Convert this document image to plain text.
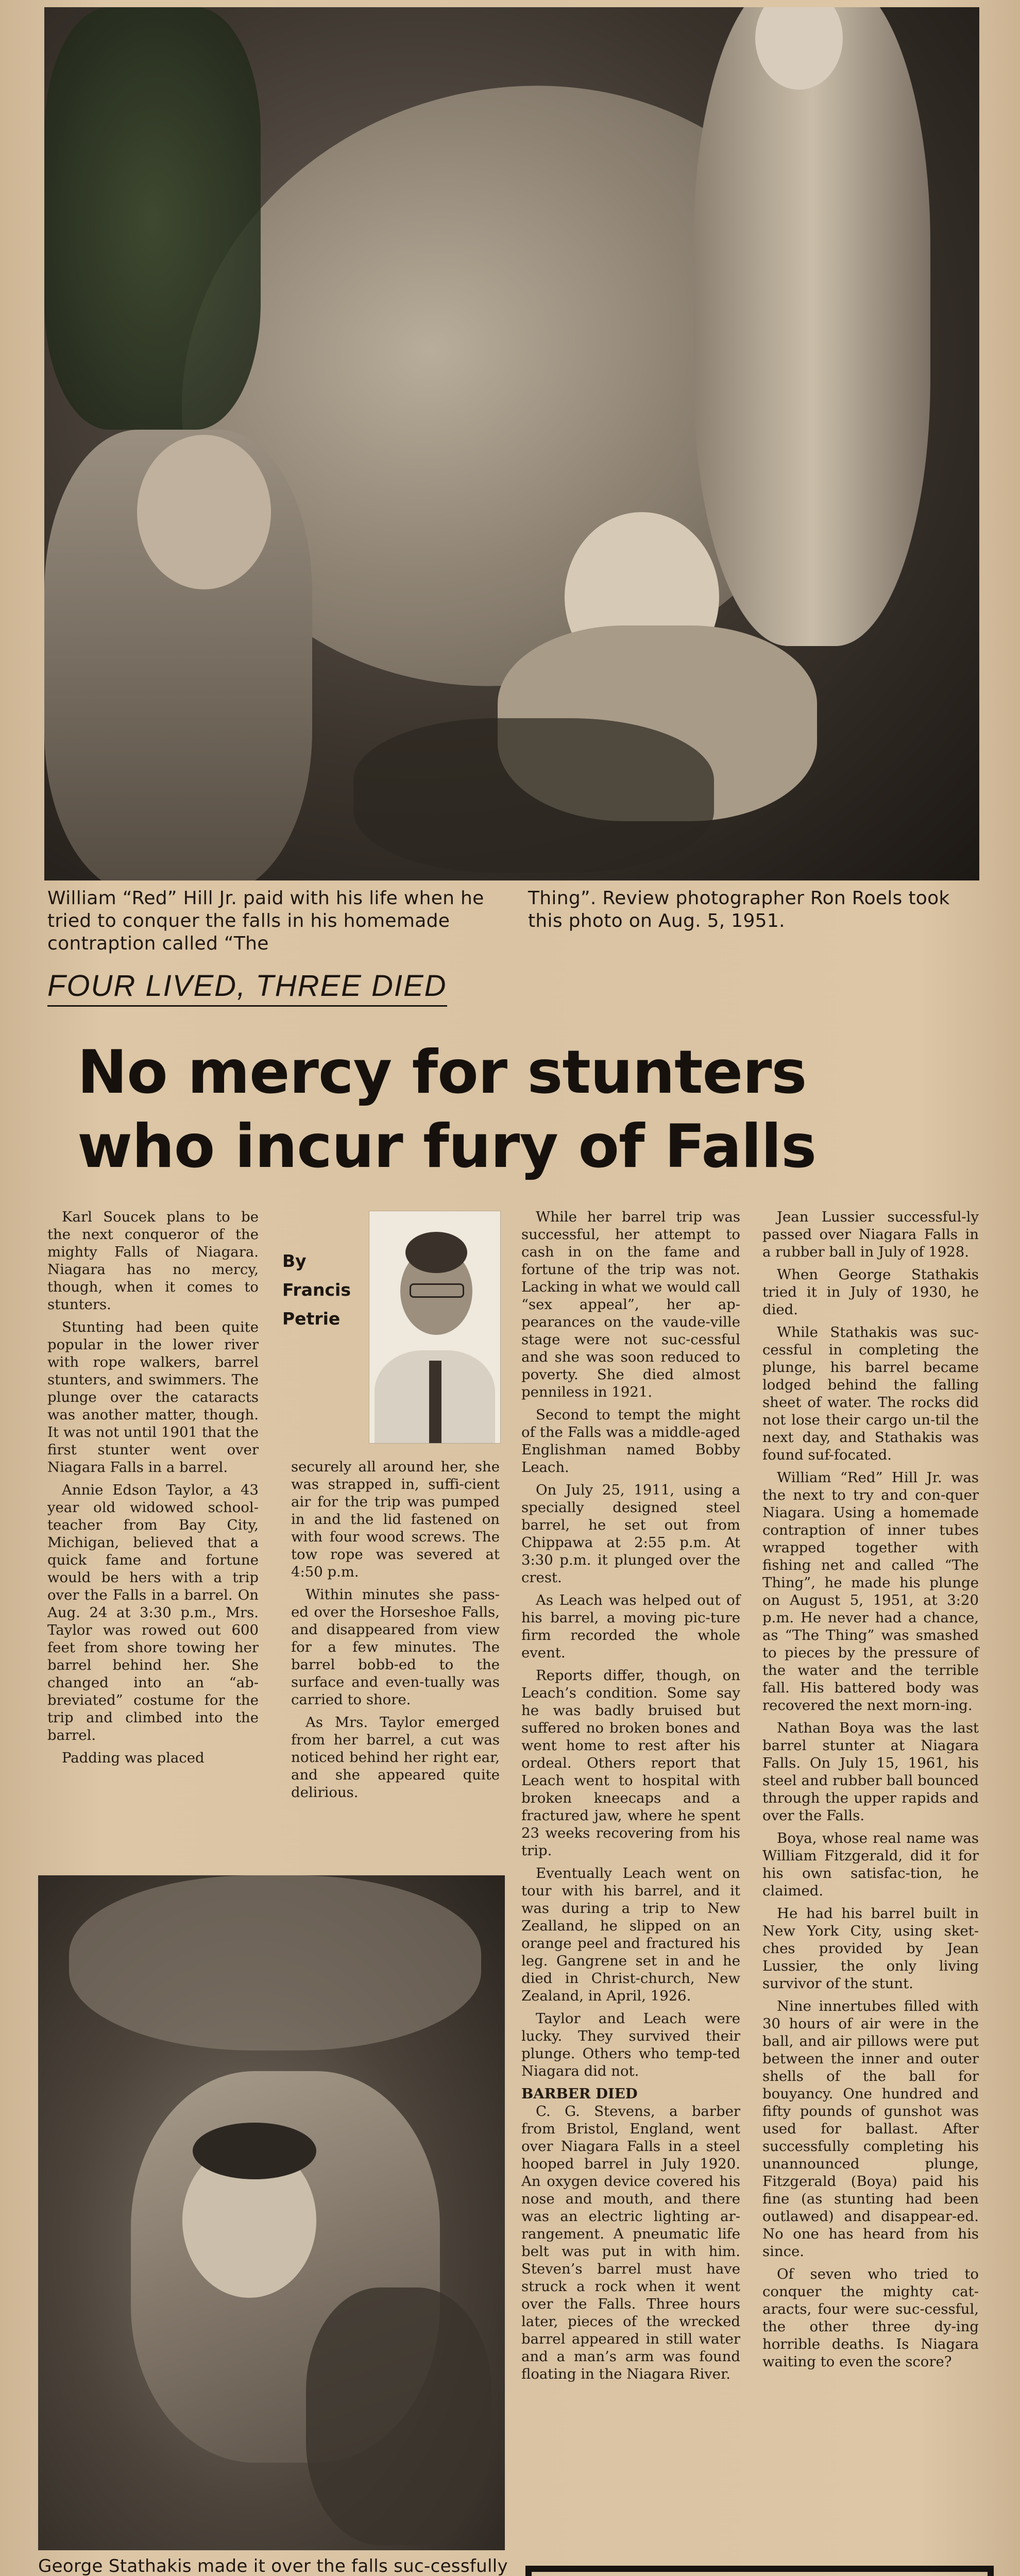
William “Red” Hill Jr. paid with his life when he tried to conquer the falls in his homemade contraption called “The
Thing”. Review photographer Ron Roels took this photo on Aug. 5, 1951.
FOUR LIVED, THREE DIED
No mercy for stunters
who incur fury of Falls

Karl Soucek plans to be the next conqueror of the mighty Falls of Niagara. Niagara has no mercy, though, when it comes to stunters.

Stunting had been quite popular in the lower river with rope walkers, barrel stunters, and swimmers. The plunge over the cataracts was another matter, though. It was not until 1901 that the first stunter went over Niagara Falls in a barrel.

Annie Edson Taylor, a 43 year old widowed school-teacher from Bay City, Michigan, believed that a quick fame and fortune would be hers with a trip over the Falls in a barrel. On Aug. 24 at 3:30 p.m., Mrs. Taylor was rowed out 600 feet from shore towing her barrel behind her. She changed into an “ab-breviated” costume for the trip and climbed into the barrel.

Padding was placed

By
Francis
Petrie

securely all around her, she was strapped in, suffi-cient air for the trip was pumped in and the lid fastened on with four wood screws. The tow rope was severed at 4:50 p.m.

Within minutes she pass-ed over the Horseshoe Falls, and disappeared from view for a few minutes. The barrel bobb-ed to the surface and even-tually was carried to shore.

As Mrs. Taylor emerged from her barrel, a cut was noticed behind her right ear, and she appeared quite delirious.

George Stathakis made it over the falls suc-cessfully

While her barrel trip was successful, her attempt to cash in on the fame and fortune of the trip was not. Lacking in what we would call “sex appeal”, her ap-pearances on the vaude-ville stage were not suc-cessful and she was soon reduced to poverty. She died almost penniless in 1921.

Second to tempt the might of the Falls was a middle-aged Englishman named Bobby Leach.

On July 25, 1911, using a specially designed steel barrel, he set out from Chippawa at 2:55 p.m. At 3:30 p.m. it plunged over the crest.

As Leach was helped out of his barrel, a moving pic-ture firm recorded the whole event.

Reports differ, though, on Leach’s condition. Some say he was badly bruised but suffered no broken bones and went home to rest after his ordeal. Others report that Leach went to hospital with broken kneecaps and a fractured jaw, where he spent 23 weeks recovering from his trip.

Eventually Leach went on tour with his barrel, and it was during a trip to New Zealland, he slipped on an orange peel and fractured his leg. Gangrene set in and he died in Christ-church, New Zealand, in April, 1926.

Taylor and Leach were lucky. They survived their plunge. Others who temp-ted Niagara did not.

BARBER DIED

C. G. Stevens, a barber from Bristol, England, went over Niagara Falls in a steel hooped barrel in July 1920. An oxygen device covered his nose and mouth, and there was an electric lighting ar-rangement. A pneumatic life belt was put in with him. Steven’s barrel must have struck a rock when it went over the Falls. Three hours later, pieces of the wrecked barrel appeared in still water and a man’s arm was found floating in the Niagara River.

Jean Lussier successful-ly passed over Niagara Falls in a rubber ball in July of 1928.

When George Stathakis tried it in July of 1930, he died.

While Stathakis was suc-cessful in completing the plunge, his barrel became lodged behind the falling sheet of water. The rocks did not lose their cargo un-til the next day, and Stathakis was found suf-focated.

William “Red” Hill Jr. was the next to try and con-quer Niagara. Using a homemade contraption of inner tubes wrapped together with fishing net and called “The Thing”, he made his plunge on August 5, 1951, at 3:20 p.m. He never had a chance, as “The Thing” was smashed to pieces by the pressure of the water and the terrible fall. His battered body was recovered the next morn-ing.

Nathan Boya was the last barrel stunter at Niagara Falls. On July 15, 1961, his steel and rubber ball bounced through the upper rapids and over the Falls.

Boya, whose real name was William Fitzgerald, did it for his own satisfac-tion, he claimed.

He had his barrel built in New York City, using sket-ches provided by Jean Lussier, the only living survivor of the stunt.

Nine innertubes filled with 30 hours of air were in the ball, and air pillows were put between the inner and outer shells of the ball for bouyancy. One hundred and fifty pounds of gunshot was used for ballast. After successfully completing his unannounced plunge, Fitzgerald (Boya) paid his fine (as stunting had been outlawed) and disappear-ed. No one has heard from his since.

Of seven who tried to conquer the mighty cat-aracts, four were suc-cessful, the other three dy-ing horrible deaths. Is Niagara waiting to even the score?
